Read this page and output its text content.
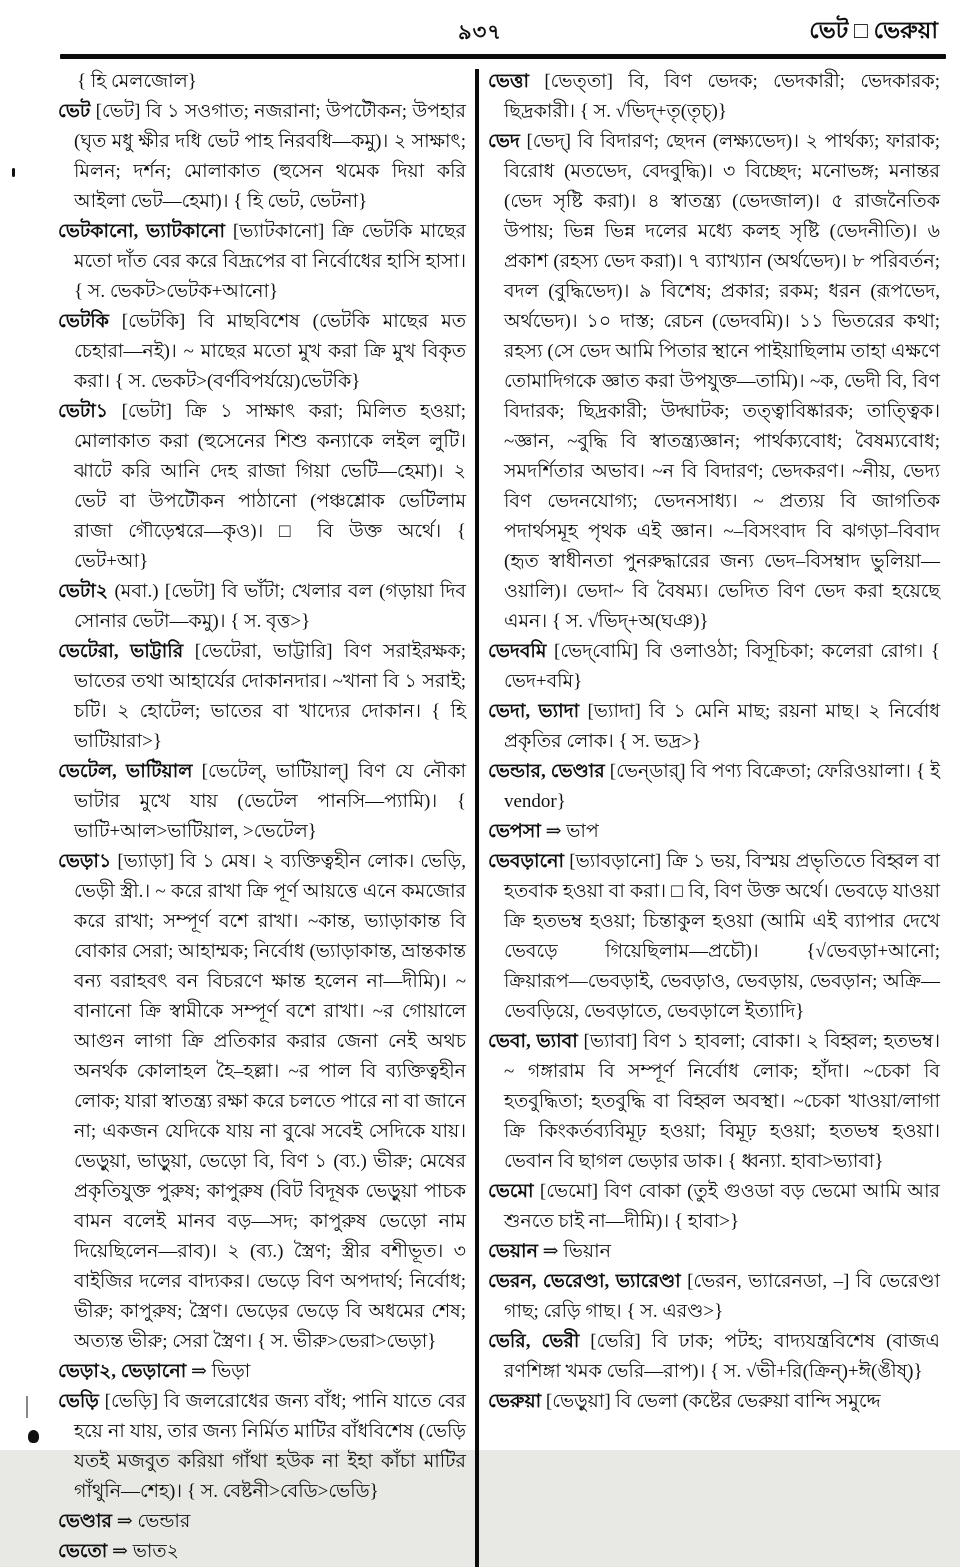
৯৩৭	ভেট □ ভেরুয়া

{ হি মেলজোল}

ভেট [ভেট] বি ১ সওগাত; নজরানা; উপটৌকন; উপহার (ঘৃত মধু ক্ষীর দধি ভেট পাহ নিরবধি—কমু)। ২ সাক্ষাৎ; মিলন; দর্শন; মোলাকাত (হুসেন থমেক দিয়া করি আইলা ভেট—হেমা)। { হি ভেট, ভেটনা}

ভেটকানো, ভ্যাটকানো [ভ্যাটকানো] ক্রি ভেটকি মাছের মতো দাঁত বের করে বিদ্রূপের বা নির্বোধের হাসি হাসা। { স. ভেকট>ভেটক+আনো}

ভেটকি [ভেটকি] বি মাছবিশেষ (ভেটকি মাছের মত চেহারা—নই)। ~ মাছের মতো মুখ করা ক্রি মুখ বিকৃত করা। { স. ভেকট>(বর্ণবিপর্যয়ে)ভেটকি}

ভেটা১ [ভেটা] ক্রি ১ সাক্ষাৎ করা; মিলিত হওয়া; মোলাকাত করা (হুসেনের শিশু কন্যাকে লইল লুটি। ঝাটে করি আনি দেহ রাজা গিয়া ভেটি—হেমা)। ২ ভেট বা উপটৌকন পাঠানো (পঞ্চশ্লোক ভেটিলাম রাজা গৌড়েশ্বরে—কৃও)। □ বি উক্ত অর্থে। { ভেট+আ}

ভেটা২ (মবা.) [ভেটা] বি ভাঁটা; খেলার বল (গড়ায়া দিব সোনার ভেটা—কমু)। { স. বৃত্ত>}

ভেটেরা, ভাট্টারি [ভেটেরা, ভাট্টারি] বিণ সরাইরক্ষক; ভাতের তথা আহার্যের দোকানদার। ~খানা বি ১ সরাই; চটি। ২ হোটেল; ভাতের বা খাদ্যের দোকান। { হি ভাটিয়ারা>}

ভেটেল, ভাটিয়াল [ভেটেল্, ভাটিয়াল্] বিণ যে নৌকা ভাটার মুখে যায় (ভেটেল পানসি—প্যামি)। { ভাটি+আল>ভাটিয়াল, >ভেটেল}

ভেড়া১ [ভ্যাড়া] বি ১ মেষ। ২ ব্যক্তিত্বহীন লোক। ভেড়ি, ভেড়ী স্ত্রী.। ~ করে রাখা ক্রি পূর্ণ আয়ত্তে এনে কমজোর করে রাখা; সম্পূর্ণ বশে রাখা। ~কান্ত, ভ্যাড়াকান্ত বি বোকার সেরা; আহাম্মক; নির্বোধ (ভ্যাড়াকান্ত, ভ্রান্তকান্ত বন্য বরাহবৎ বন বিচরণে ক্ষান্ত হলেন না—দীমি)। ~ বানানো ক্রি স্বামীকে সম্পূর্ণ বশে রাখা। ~র গোয়ালে আগুন লাগা ক্রি প্রতিকার করার জেনা নেই অথচ অনর্থক কোলাহল হৈ–হল্লা। ~র পাল বি ব্যক্তিত্বহীন লোক; যারা স্বাতন্ত্র্য রক্ষা করে চলতে পারে না বা জানে না; একজন যেদিকে যায় না বুঝে সবেই সেদিকে যায়। ভেড়ুয়া, ভাড়ুয়া, ভেড়ো বি, বিণ ১ (ব্য.) ভীরু; মেষের প্রকৃতিযুক্ত পুরুষ; কাপুরুষ (বিট বিদূষক ভেড়ুয়া পাচক বামন বলেই মানব বড়—সদ; কাপুরুষ ভেড়ো নাম দিয়েছিলেন—রাব)। ২ (ব্য.) স্ত্রৈণ; স্ত্রীর বশীভূত। ৩ বাইজির দলের বাদ্যকর। ভেড়ে বিণ অপদার্থ; নির্বোধ; ভীরু; কাপুরুষ; স্ত্রৈণ। ভেড়ের ভেড়ে বি অধমের শেষ; অত্যন্ত ভীরু; সেরা স্ত্রৈণ। { স. ভীরু>ভেরা>ভেড়া}

ভেড়া২, ভেড়ানো ⇒ ভিড়া

ভেড়ি [ভেড়ি] বি জলরোধের জন্য বাঁধ; পানি যাতে বের হয়ে না যায়, তার জন্য নির্মিত মাটির বাঁধবিশেষ (ভেড়ি যতই মজবুত করিয়া গাঁথা হউক না ইহা কাঁচা মাটির গাঁথুনি—শেহ)। { স. বেষ্টনী>বেডি>ভেডি}

ভেণ্ডার ⇒ ভেন্ডার

ভেতো ⇒ ভাত২

ভেত্তা [ভেত্‌তা] বি, বিণ ভেদক; ভেদকারী; ভেদকারক; ছিদ্রকারী। { স. √ভিদ্+তৃ(তৃচ্)}

ভেদ [ভেদ্] বি বিদারণ; ছেদন (লক্ষ্যভেদ)। ২ পার্থক্য; ফারাক; বিরোধ (মতভেদ, বেদবুদ্ধি)। ৩ বিচ্ছেদ; মনোভঙ্গ; মনান্তর (ভেদ সৃষ্টি করা)। ৪ স্বাতন্ত্র্য (ভেদজাল)। ৫ রাজনৈতিক উপায়; ভিন্ন ভিন্ন দলের মধ্যে কলহ সৃষ্টি (ভেদনীতি)। ৬ প্রকাশ (রহস্য ভেদ করা)। ৭ ব্যাখ্যান (অর্থভেদ)। ৮ পরিবর্তন; বদল (বুদ্ধিভেদ)। ৯ বিশেষ; প্রকার; রকম; ধরন (রূপভেদ, অর্থভেদ)। ১০ দাস্ত; রেচন (ভেদবমি)। ১১ ভিতরের কথা; রহস্য (সে ভেদ আমি পিতার স্থানে পাইয়াছিলাম তাহা এক্ষণে তোমাদিগকে জ্ঞাত করা উপযুক্ত—তামি)। ~ক, ভেদী বি, বিণ বিদারক; ছিদ্রকারী; উদ্ঘাটক; তত্ত্বাবিষ্কারক; তাত্ত্বিক। ~জ্ঞান, ~বুদ্ধি বি স্বাতন্ত্র্যজ্ঞান; পার্থক্যবোধ; বৈষম্যবোধ; সমদর্শিতার অভাব। ~ন বি বিদারণ; ভেদকরণ। ~নীয়, ভেদ্য বিণ ভেদনযোগ্য; ভেদনসাধ্য। ~ প্রত্যয় বি জাগতিক পদার্থসমূহ পৃথক এই জ্ঞান। ~–বিসংবাদ বি ঝগড়া–বিবাদ (হৃত স্বাধীনতা পুনরুদ্ধারের জন্য ভেদ–বিসম্বাদ ভুলিয়া—ওয়ালি)। ভেদা~ বি বৈষম্য। ভেদিত বিণ ভেদ করা হয়েছে এমন। { স. √ভিদ্+অ(ঘঞ)}

ভেদবমি [ভেদ্‌বোমি] বি ওলাওঠা; বিসূচিকা; কলেরা রোগ। { ভেদ+বমি}

ভেদা, ভ্যাদা [ভ্যাদা] বি ১ মেনি মাছ; রয়না মাছ। ২ নির্বোধ প্রকৃতির লোক। { স. ভদ্র>}

ভেন্ডার, ভেণ্ডার [ভেন্‌ডার্] বি পণ্য বিক্রেতা; ফেরিওয়ালা। { ই vendor}

ভেপসা ⇒ ভাপ

ভেবড়ানো [ভ্যাবড়ানো] ক্রি ১ ভয়, বিস্ময় প্রভৃতিতে বিহ্বল বা হতবাক হওয়া বা করা। □ বি, বিণ উক্ত অর্থে। ভেবড়ে যাওয়া ক্রি হতভম্ব হওয়া; চিন্তাকুল হওয়া (আমি এই ব্যাপার দেখে ভেবড়ে গিয়েছিলাম—প্রচৌ)। {√ভেবড়া+আনো; ক্রিয়ারূপ––ভেবড়াই, ভেবড়াও, ভেবড়ায়, ভেবড়ান; অক্রি—ভেবড়িয়ে, ভেবড়াতে, ভেবড়ালে ইত্যাদি}

ভেবা, ভ্যাবা [ভ্যাবা] বিণ ১ হাবলা; বোকা। ২ বিহ্বল; হতভম্ব। ~ গঙ্গারাম বি সম্পূর্ণ নির্বোধ লোক; হাঁদা। ~চেকা বি হতবুদ্ধিতা; হতবুদ্ধি বা বিহ্বল অবস্থা। ~চেকা খাওয়া/লাগা ক্রি কিংকর্তব্যবিমূঢ় হওয়া; বিমূঢ় হওয়া; হতভম্ব হওয়া। ভেবান বি ছাগল ভেড়ার ডাক। { ধ্বন্যা. হাবা>ভ্যাবা}

ভেমো [ভেমো] বিণ বোকা (তুই গুওডা বড় ভেমো আমি আর শুনতে চাই না—দীমি)। { হাবা>}

ভেয়ান ⇒ ভিয়ান

ভেরন, ভেরেণ্ডা, ভ্যারেণ্ডা [ভেরন, ভ্যারেনডা, –] বি ভেরেণ্ডা গাছ; রেড়ি গাছ। { স. এরণ্ড>}

ভেরি, ভেরী [ভেরি] বি ঢাক; পটহ; বাদ্যযন্ত্রবিশেষ (বাজএ রণশিঙ্গা খমক ভেরি—রাপ)। { স. √ভী+রি(ক্রিন্)+ঈ(ঙীষ্)}

ভেরুয়া [ভেড়ুয়া] বি ভেলা (কষ্টের ভেরুয়া বান্দি সমুদ্দে
